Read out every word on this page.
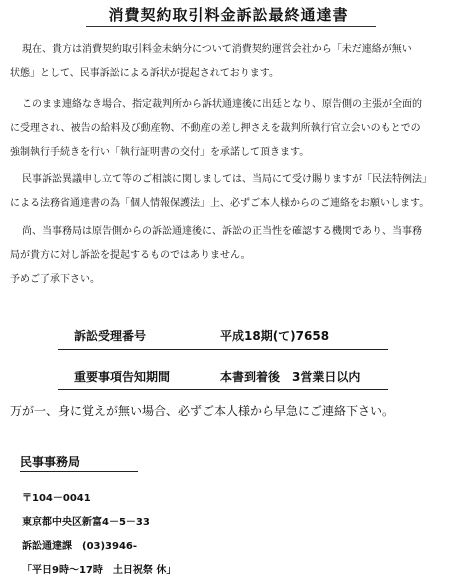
消費契約取引料金訴訟最終通達書
現在、貴方は消費契約取引料金未納分について消費契約運営会社から「未だ連絡が無い
状態」として、民事訴訟による訴状が提起されております。
このまま連絡なき場合、指定裁判所から訴状通達後に出廷となり、原告側の主張が全面的
に受理され、被告の給料及び動産物、不動産の差し押さえを裁判所執行官立会いのもとでの
強制執行手続きを行い「執行証明書の交付」を承諾して頂きます。
民事訴訟異議申し立て等のご相談に関しましては、当局にて受け賜りますが「民法特例法」
による法務省通達書の為「個人情報保護法」上、必ずご本人様からのご連絡をお願いします。
尚、当事務局は原告側からの訴訟通達後に、訴訟の正当性を確認する機関であり、当事務
局が貴方に対し訴訟を提起するものではありません。
予めご了承下さい。
訴訟受理番号	平成18期(て)7658
重要事項告知期間	本書到着後　3営業日以内
万が一、身に覚えが無い場合、必ずご本人様から早急にご連絡下さい。
民事事務局
〒104－0041
東京都中央区新富4－5－33
訴訟通達課　(03)3946-
「平日9時～17時　土日祝祭 休」
